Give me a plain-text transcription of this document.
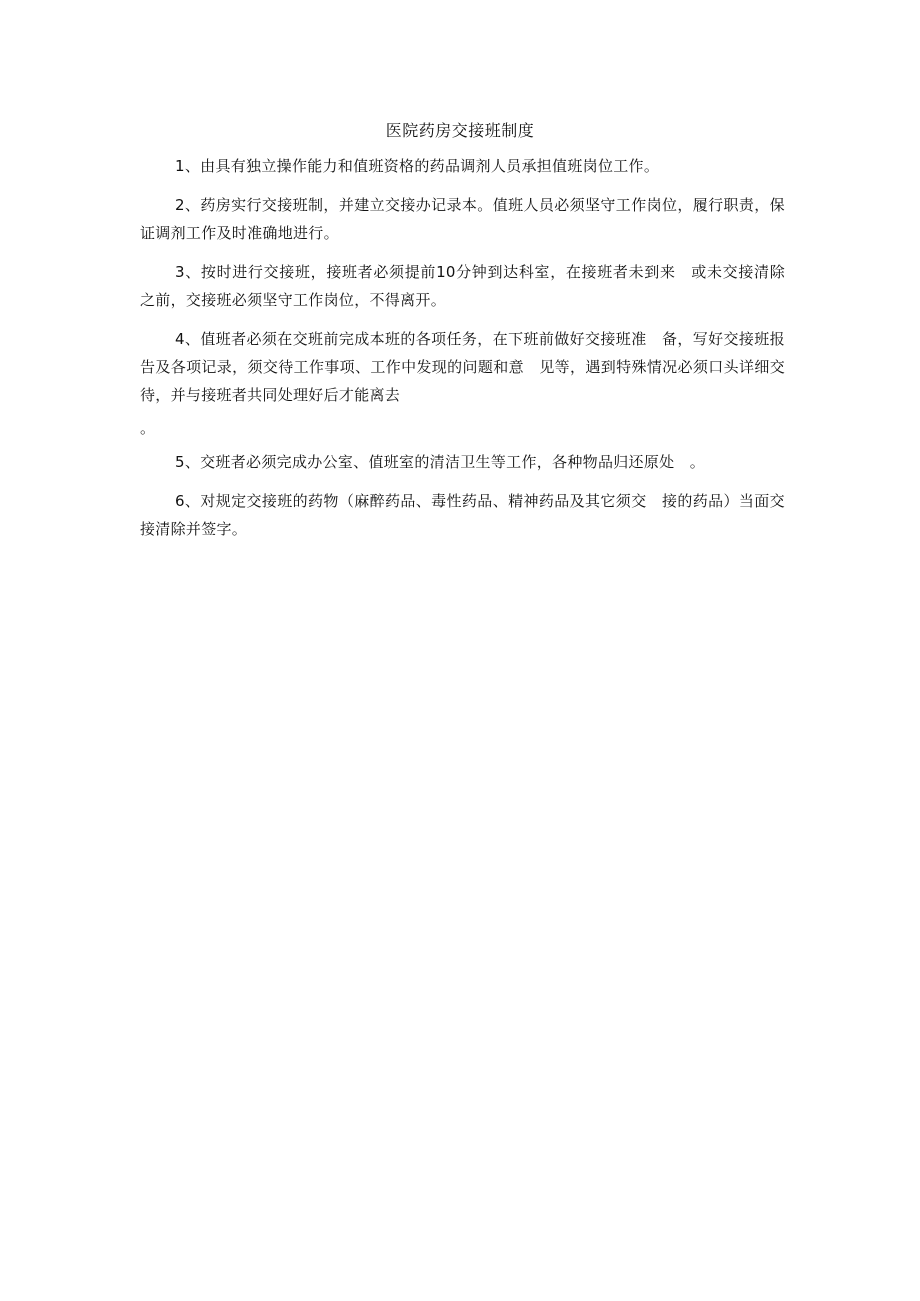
医院药房交接班制度

1、由具有独立操作能力和值班资格的药品调剂人员承担值班岗位工作。

2、药房实行交接班制，并建立交接办记录本。值班人员必须坚守工作岗位，履行职责，保证调剂工作及时准确地进行。

3、按时进行交接班，接班者必须提前10分钟到达科室，在接班者未到来　或未交接清除之前，交接班必须坚守工作岗位，不得离开。

4、值班者必须在交班前完成本班的各项任务，在下班前做好交接班准　备，写好交接班报告及各项记录，须交待工作事项、工作中发现的问题和意　见等，遇到特殊情况必须口头详细交待，并与接班者共同处理好后才能离去

。

5、交班者必须完成办公室、值班室的清洁卫生等工作，各种物品归还原处　。

6、对规定交接班的药物（麻醉药品、毒性药品、精神药品及其它须交　接的药品）当面交接清除并签字。
